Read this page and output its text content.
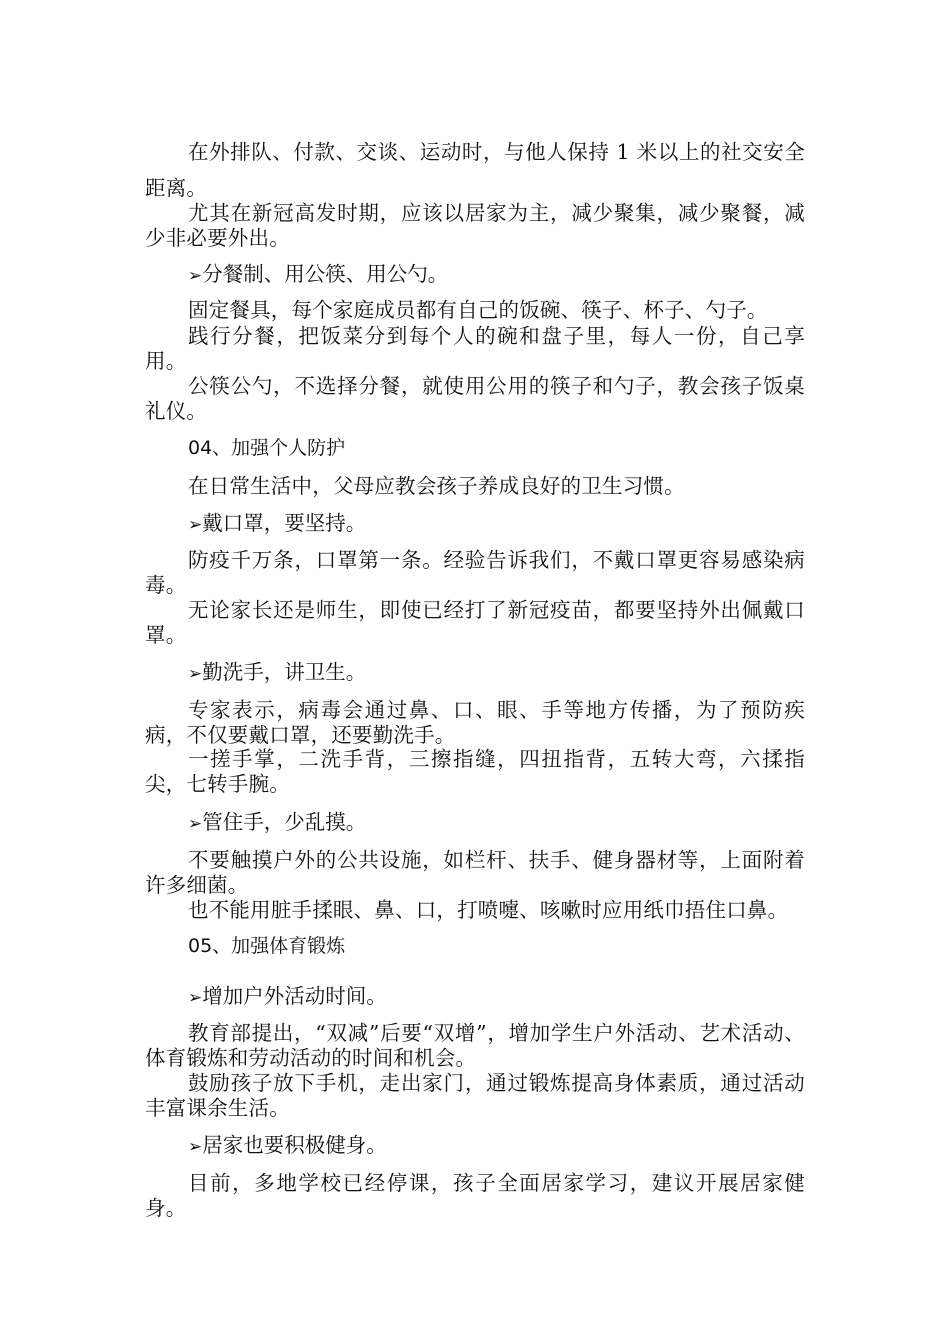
在外排队、付款、交谈、运动时，与他人保持 1 米以上的社交安全距离。

尤其在新冠高发时期，应该以居家为主，减少聚集，减少聚餐，减少非必要外出。

➢分餐制、用公筷、用公勺。

固定餐具，每个家庭成员都有自己的饭碗、筷子、杯子、勺子。

践行分餐，把饭菜分到每个人的碗和盘子里，每人一份，自己享用。

公筷公勺，不选择分餐，就使用公用的筷子和勺子，教会孩子饭桌礼仪。

04、加强个人防护

在日常生活中，父母应教会孩子养成良好的卫生习惯。

➢戴口罩，要坚持。

防疫千万条，口罩第一条。经验告诉我们，不戴口罩更容易感染病毒。

无论家长还是师生，即使已经打了新冠疫苗，都要坚持外出佩戴口罩。

➢勤洗手，讲卫生。

专家表示，病毒会通过鼻、口、眼、手等地方传播，为了预防疾病，不仅要戴口罩，还要勤洗手。

一搓手掌，二洗手背，三擦指缝，四扭指背，五转大弯，六揉指尖，七转手腕。

➢管住手，少乱摸。

不要触摸户外的公共设施，如栏杆、扶手、健身器材等，上面附着许多细菌。

也不能用脏手揉眼、鼻、口，打喷嚏、咳嗽时应用纸巾捂住口鼻。

05、加强体育锻炼

➢增加户外活动时间。

教育部提出，“双减”后要“双增”，增加学生户外活动、艺术活动、体育锻炼和劳动活动的时间和机会。

鼓励孩子放下手机，走出家门，通过锻炼提高身体素质，通过活动丰富课余生活。

➢居家也要积极健身。

目前，多地学校已经停课，孩子全面居家学习，建议开展居家健身。
